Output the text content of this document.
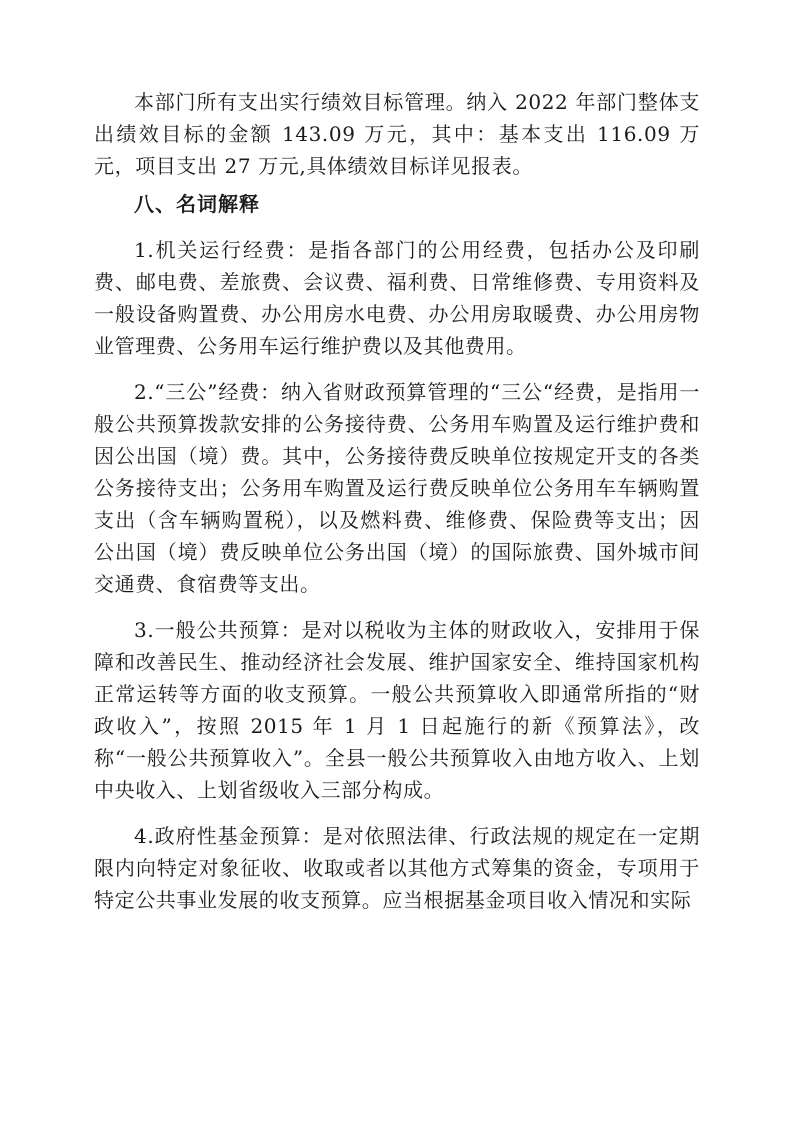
本部门所有支出实行绩效目标管理。纳入 2022 年部门整体支出绩效目标的金额 143.09 万元，其中：基本支出 116.09 万元，项目支出 27 万元,具体绩效目标详见报表。

八、名词解释

1.机关运行经费：是指各部门的公用经费，包括办公及印刷费、邮电费、差旅费、会议费、福利费、日常维修费、专用资料及一般设备购置费、办公用房水电费、办公用房取暖费、办公用房物业管理费、公务用车运行维护费以及其他费用。

2.“三公”经费：纳入省财政预算管理的“三公“经费，是指用一般公共预算拨款安排的公务接待费、公务用车购置及运行维护费和因公出国（境）费。其中，公务接待费反映单位按规定开支的各类公务接待支出；公务用车购置及运行费反映单位公务用车车辆购置支出（含车辆购置税），以及燃料费、维修费、保险费等支出；因公出国（境）费反映单位公务出国（境）的国际旅费、国外城市间交通费、食宿费等支出。

3.一般公共预算：是对以税收为主体的财政收入，安排用于保障和改善民生、推动经济社会发展、维护国家安全、维持国家机构正常运转等方面的收支预算。一般公共预算收入即通常所指的“财政收入”，按照 2015 年 1 月 1 日起施行的新《预算法》，改称“一般公共预算收入”。全县一般公共预算收入由地方收入、上划中央收入、上划省级收入三部分构成。

4.政府性基金预算：是对依照法律、行政法规的规定在一定期限内向特定对象征收、收取或者以其他方式筹集的资金，专项用于特定公共事业发展的收支预算。应当根据基金项目收入情况和实际
